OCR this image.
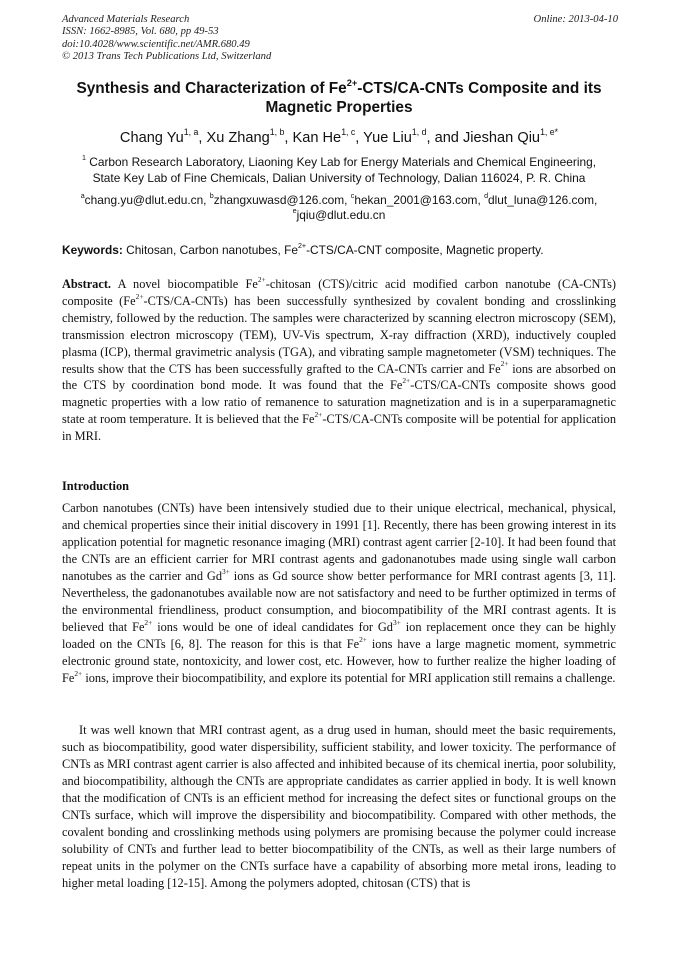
Advanced Materials Research
ISSN: 1662-8985, Vol. 680, pp 49-53
doi:10.4028/www.scientific.net/AMR.680.49
© 2013 Trans Tech Publications Ltd, Switzerland
Online: 2013-04-10
Synthesis and Characterization of $Fe^{2+}-CTS/CA$-CNTs Composite and its Magnetic Properties
Chang Yu$^{1, a}$, Xu Zhang$^{1, b}$, Kan He$^{1, c}$, Yue Liu$^{1, d}$, and Jieshan Qiu$^{1, e*}$
$^1$ Carbon Research Laboratory, Liaoning Key Lab for Energy Materials and Chemical Engineering,
State Key Lab of Fine Chemicals, Dalian University of Technology, Dalian 116024, P. R. China
$^a$chang.yu@dlut.edu.cn, $^b$zhangxuwasd@126.com, $^c$hekan_2001@163.com, $^d$dlut_luna@126.com,
$^e$jqiu@dlut.edu.cn
Keywords: Chitosan, Carbon nanotubes, $Fe^{2+}-CTS/CA$-CNT composite, Magnetic property.
Abstract. A novel biocompatible $Fe^{2+}$-chitosan (CTS)/citric acid modified carbon nanotube (CA-CNTs) composite $(Fe^{2+}-CTS/CA-CNTs)$ has been successfully synthesized by covalent bonding and crosslinking chemistry, followed by the reduction. The samples were characterized by scanning electron microscopy (SEM), transmission electron microscopy (TEM), UV-Vis spectrum, X-ray diffraction (XRD), inductively coupled plasma (ICP), thermal gravimetric analysis (TGA), and vibrating sample magnetometer (VSM) techniques. The results show that the CTS has been successfully grafted to the CA-CNTs carrier and $Fe^{2+}$ ions are absorbed on the CTS by coordination bond mode. It was found that the $Fe^{2+}-CTS/CA$-CNTs composite shows good magnetic properties with a low ratio of remanence to saturation magnetization and is in a superparamagnetic state at room temperature. It is believed that the $Fe^{2+}-CTS/CA$-CNTs composite will be potential for application in MRI.
Introduction
Carbon nanotubes (CNTs) have been intensively studied due to their unique electrical, mechanical, physical, and chemical properties since their initial discovery in 1991 [1]. Recently, there has been growing interest in its application potential for magnetic resonance imaging (MRI) contrast agent carrier [2-10]. It had been found that the CNTs are an efficient carrier for MRI contrast agents and gadonanotubes made using single wall carbon nanotubes as the carrier and $Gd^{3+}$ ions as Gd source show better performance for MRI contrast agents [3, 11]. Nevertheless, the gadonanotubes available now are not satisfactory and need to be further optimized in terms of the environmental friendliness, product consumption, and biocompatibility of the MRI contrast agents. It is believed that $Fe^{2+}$ ions would be one of ideal candidates for $Gd^{3+}$ ion replacement once they can be highly loaded on the CNTs [6, 8]. The reason for this is that $Fe^{2+}$ ions have a large magnetic moment, symmetric electronic ground state, nontoxicity, and lower cost, etc. However, how to further realize the higher loading of $Fe^{2+}$ ions, improve their biocompatibility, and explore its potential for MRI application still remains a challenge.
It was well known that MRI contrast agent, as a drug used in human, should meet the basic requirements, such as biocompatibility, good water dispersibility, sufficient stability, and lower toxicity. The performance of CNTs as MRI contrast agent carrier is also affected and inhibited because of its chemical inertia, poor solubility, and biocompatibility, although the CNTs are appropriate candidates as carrier applied in body. It is well known that the modification of CNTs is an efficient method for increasing the defect sites or functional groups on the CNTs surface, which will improve the dispersibility and biocompatibility. Compared with other methods, the covalent bonding and crosslinking methods using polymers are promising because the polymer could increase solubility of CNTs and further lead to better biocompatibility of the CNTs, as well as their large numbers of repeat units in the polymer on the CNTs surface have a capability of absorbing more metal irons, leading to higher metal loading [12-15]. Among the polymers adopted, chitosan (CTS) that is
